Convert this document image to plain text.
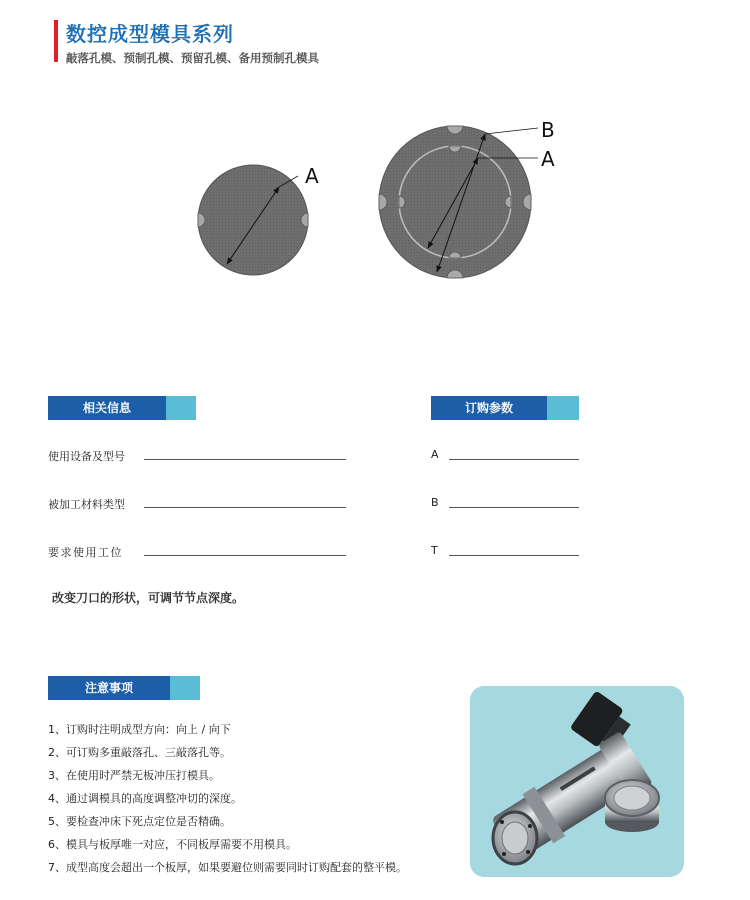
数控成型模具系列
敲落孔模、预制孔模、预留孔模、备用预制孔模具
A
B
A
相关信息
使用设备及型号
被加工材料类型
要求使用工位
订购参数
A
B
T
改变刀口的形状，可调节节点深度。
注意事项
1、订购时注明成型方向：向上 / 向下
2、可订购多重敲落孔、三敲落孔等。
3、在使用时严禁无板冲压打模具。
4、通过调模具的高度调整冲切的深度。
5、要检查冲床下死点定位是否精确。
6、模具与板厚唯一对应，不同板厚需要不用模具。
7、成型高度会超出一个板厚，如果要避位则需要同时订购配套的整平模。
